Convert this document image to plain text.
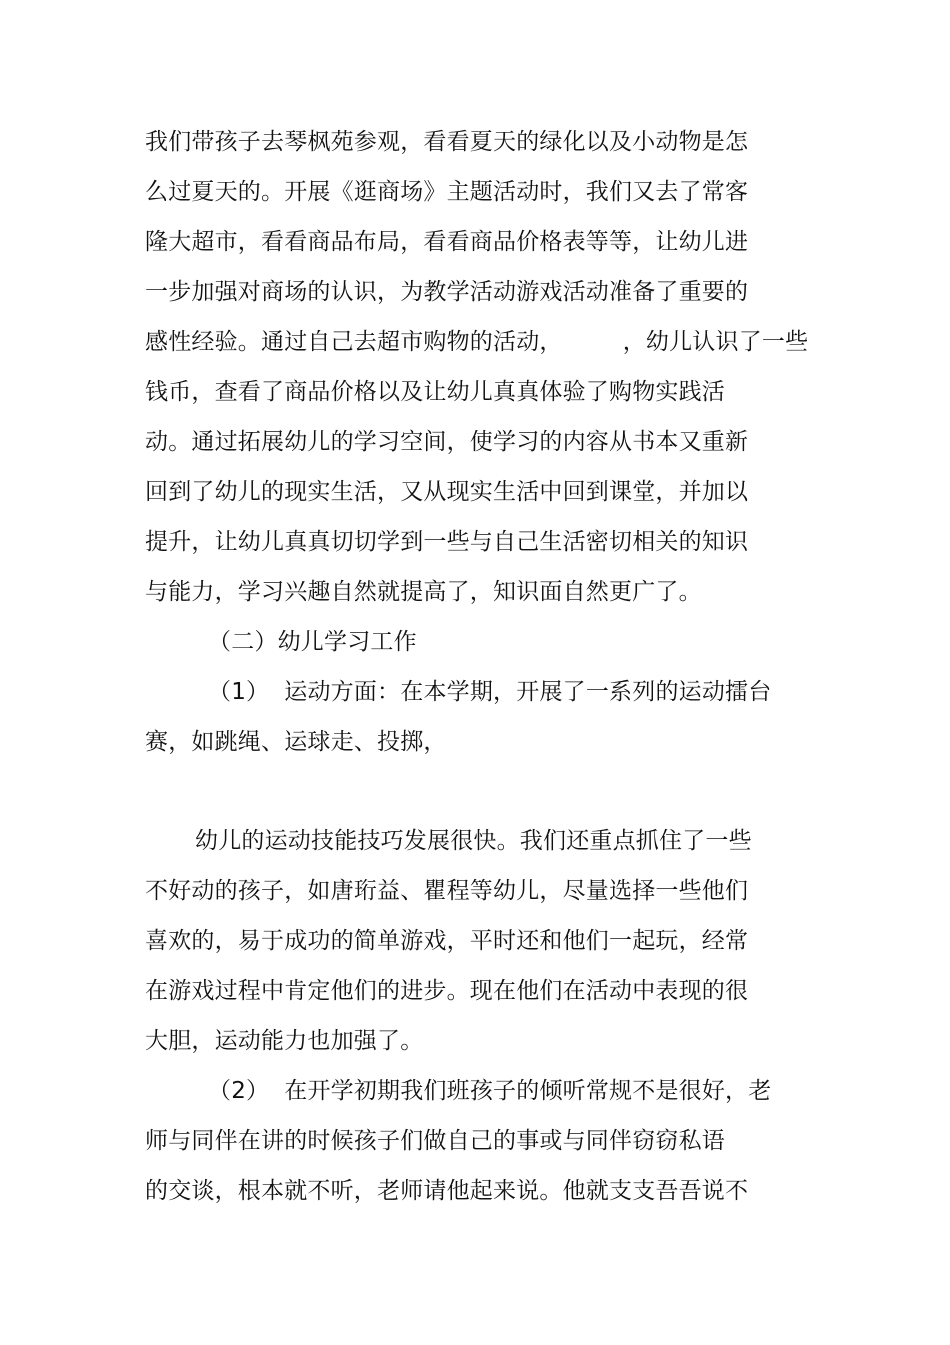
我们带孩子去琴枫苑参观，看看夏天的绿化以及小动物是怎
么过夏天的。开展《逛商场》主题活动时，我们又去了常客
隆大超市，看看商品布局，看看商品价格表等等，让幼儿进
一步加强对商场的认识，为教学活动游戏活动准备了重要的
感性经验。通过自己去超市购物的活动，        ，幼儿认识了一些
钱币，查看了商品价格以及让幼儿真真体验了购物实践活
动。通过拓展幼儿的学习空间，使学习的内容从书本又重新
回到了幼儿的现实生活，又从现实生活中回到课堂，并加以
提升，让幼儿真真切切学到一些与自己生活密切相关的知识
与能力，学习兴趣自然就提高了，知识面自然更广了。
（二）幼儿学习工作
（1）  运动方面：在本学期，开展了一系列的运动擂台
赛，如跳绳、运球走、投掷，
幼儿的运动技能技巧发展很快。我们还重点抓住了一些
不好动的孩子，如唐珩益、瞿程等幼儿，尽量选择一些他们
喜欢的，易于成功的简单游戏，平时还和他们一起玩，经常
在游戏过程中肯定他们的进步。现在他们在活动中表现的很
大胆，运动能力也加强了。
（2）  在开学初期我们班孩子的倾听常规不是很好，老
师与同伴在讲的时候孩子们做自己的事或与同伴窃窃私语
的交谈，根本就不听，老师请他起来说。他就支支吾吾说不
